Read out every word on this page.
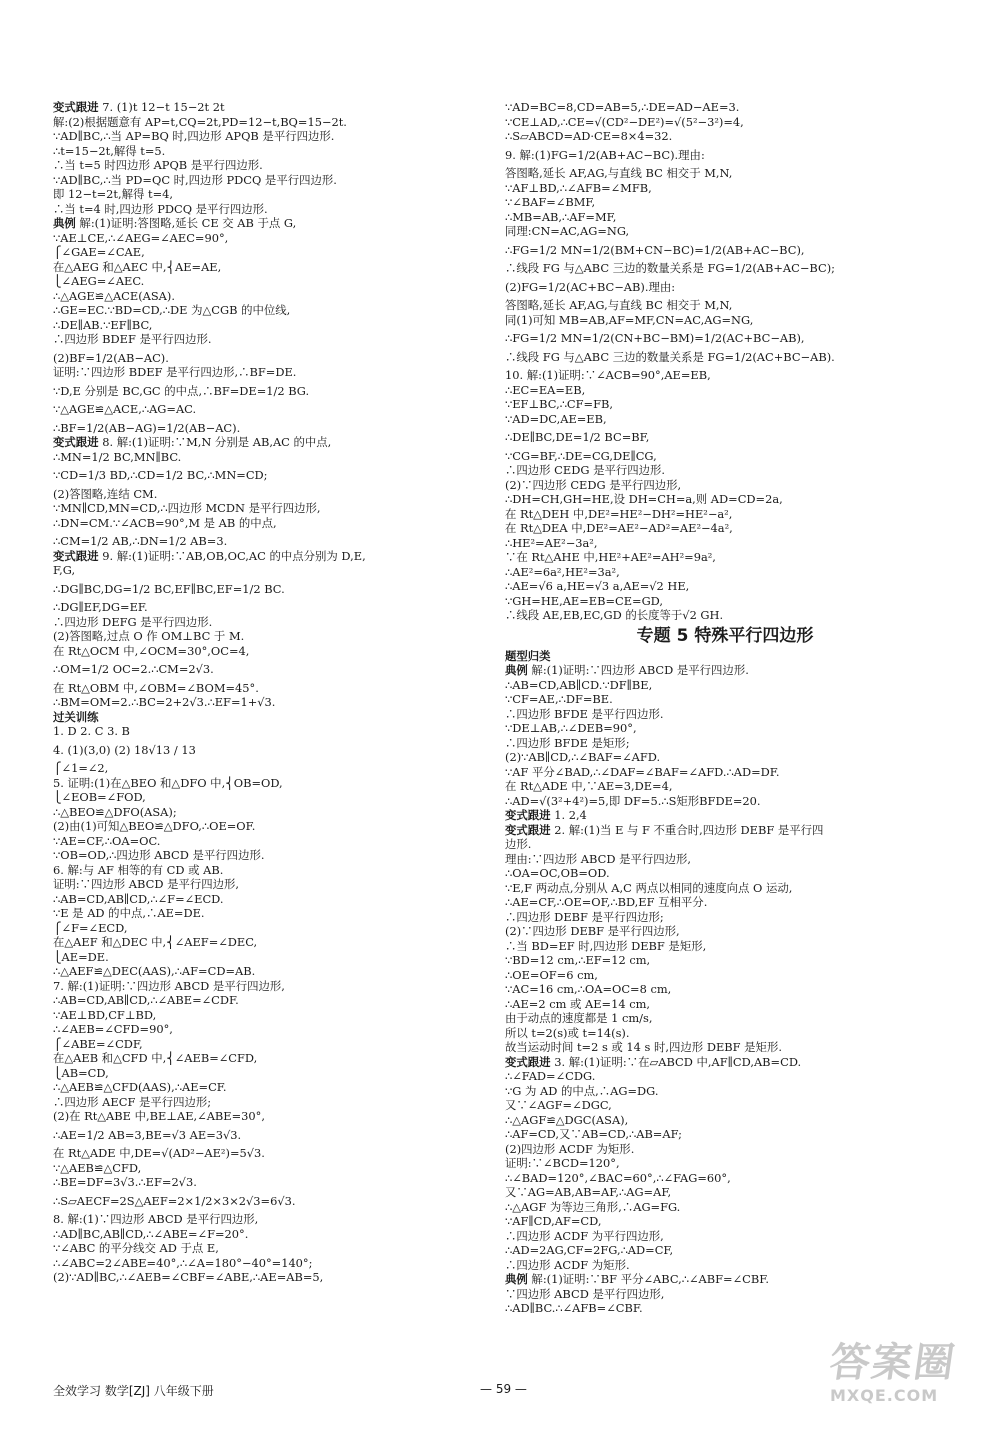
变式跟进 7. (1)t 12−t 15−2t 2t
解:(2)根据题意有 AP=t,CQ=2t,PD=12−t,BQ=15−2t.
∵AD∥BC,∴当 AP=BQ 时,四边形 APQB 是平行四边形.
∴t=15−2t,解得 t=5.
∴当 t=5 时四边形 APQB 是平行四边形.
∵AD∥BC,∴当 PD=QC 时,四边形 PDCQ 是平行四边形.
即 12−t=2t,解得 t=4,
∴当 t=4 时,四边形 PDCQ 是平行四边形.
典例 解:(1)证明:答图略,延长 CE 交 AB 于点 G,
∵AE⊥CE,∴∠AEG=∠AEC=90°,
⎧∠GAE=∠CAE,
在△AEG 和△AEC 中,⎨AE=AE,
⎩∠AEG=∠AEC.
∴△AGE≌△ACE(ASA).
∴GE=EC.∵BD=CD,∴DE 为△CGB 的中位线,
∴DE∥AB.∵EF∥BC,
∴四边形 BDEF 是平行四边形.
(2)BF=1/2(AB−AC).
证明:∵四边形 BDEF 是平行四边形,∴BF=DE.
∵D,E 分别是 BC,GC 的中点,∴BF=DE=1/2 BG.
∵△AGE≌△ACE,∴AG=AC.
∴BF=1/2(AB−AG)=1/2(AB−AC).
变式跟进 8. 解:(1)证明:∵M,N 分别是 AB,AC 的中点,
∴MN=1/2 BC,MN∥BC.
∵CD=1/3 BD,∴CD=1/2 BC,∴MN=CD;
(2)答图略,连结 CM.
∵MN∥CD,MN=CD,∴四边形 MCDN 是平行四边形,
∴DN=CM.∵∠ACB=90°,M 是 AB 的中点,
∴CM=1/2 AB,∴DN=1/2 AB=3.
变式跟进 9. 解:(1)证明:∵AB,OB,OC,AC 的中点分别为 D,E,
F,G,
∴DG∥BC,DG=1/2 BC,EF∥BC,EF=1/2 BC.
∴DG∥EF,DG=EF.
∴四边形 DEFG 是平行四边形.
(2)答图略,过点 O 作 OM⊥BC 于 M.
在 Rt△OCM 中,∠OCM=30°,OC=4,
∴OM=1/2 OC=2.∴CM=2√3.
在 Rt△OBM 中,∠OBM=∠BOM=45°.
∴BM=OM=2.∴BC=2+2√3.∴EF=1+√3.
过关训练
1. D 2. C 3. B
4. (1)(3,0) (2) 18√13 / 13
⎧∠1=∠2,
5. 证明:(1)在△BEO 和△DFO 中,⎨OB=OD,
⎩∠EOB=∠FOD,
∴△BEO≌△DFO(ASA);
(2)由(1)可知△BEO≌△DFO,∴OE=OF.
∵AE=CF,∴OA=OC.
∵OB=OD,∴四边形 ABCD 是平行四边形.
6. 解:与 AF 相等的有 CD 或 AB.
证明:∵四边形 ABCD 是平行四边形,
∴AB=CD,AB∥CD,∴∠F=∠ECD.
∵E 是 AD 的中点,∴AE=DE.
⎧∠F=∠ECD,
在△AEF 和△DEC 中,⎨∠AEF=∠DEC,
⎩AE=DE.
∴△AEF≌△DEC(AAS),∴AF=CD=AB.
7. 解:(1)证明:∵四边形 ABCD 是平行四边形,
∴AB=CD,AB∥CD,∴∠ABE=∠CDF.
∵AE⊥BD,CF⊥BD,
∴∠AEB=∠CFD=90°,
⎧∠ABE=∠CDF,
在△AEB 和△CFD 中,⎨∠AEB=∠CFD,
⎩AB=CD,
∴△AEB≌△CFD(AAS),∴AE=CF.
∴四边形 AECF 是平行四边形;
(2)在 Rt△ABE 中,BE⊥AE,∠ABE=30°,
∴AE=1/2 AB=3,BE=√3 AE=3√3.
在 Rt△ADE 中,DE=√(AD²−AE²)=5√3.
∵△AEB≌△CFD,
∴BE=DF=3√3.∴EF=2√3.
∴S▱AECF=2S△AEF=2×1/2×3×2√3=6√3.
8. 解:(1)∵四边形 ABCD 是平行四边形,
∴AD∥BC,AB∥CD,∴∠ABE=∠F=20°.
∵∠ABC 的平分线交 AD 于点 E,
∴∠ABC=2∠ABE=40°,∴∠A=180°−40°=140°;
(2)∵AD∥BC,∴∠AEB=∠CBF=∠ABE,∴AE=AB=5,
∵AD=BC=8,CD=AB=5,∴DE=AD−AE=3.
∵CE⊥AD,∴CE=√(CD²−DE²)=√(5²−3²)=4,
∴S▱ABCD=AD·CE=8×4=32.
9. 解:(1)FG=1/2(AB+AC−BC).理由:
答图略,延长 AF,AG,与直线 BC 相交于 M,N,
∵AF⊥BD,∴∠AFB=∠MFB,
∵∠BAF=∠BMF,
∴MB=AB,∴AF=MF,
同理:CN=AC,AG=NG,
∴FG=1/2 MN=1/2(BM+CN−BC)=1/2(AB+AC−BC),
∴线段 FG 与△ABC 三边的数量关系是 FG=1/2(AB+AC−BC);
(2)FG=1/2(AC+BC−AB).理由:
答图略,延长 AF,AG,与直线 BC 相交于 M,N,
同(1)可知 MB=AB,AF=MF,CN=AC,AG=NG,
∴FG=1/2 MN=1/2(CN+BC−BM)=1/2(AC+BC−AB),
∴线段 FG 与△ABC 三边的数量关系是 FG=1/2(AC+BC−AB).
10. 解:(1)证明:∵∠ACB=90°,AE=EB,
∴EC=EA=EB,
∵EF⊥BC,∴CF=FB,
∵AD=DC,AE=EB,
∴DE∥BC,DE=1/2 BC=BF,
∵CG=BF,∴DE=CG,DE∥CG,
∴四边形 CEDG 是平行四边形.
(2)∵四边形 CEDG 是平行四边形,
∴DH=CH,GH=HE,设 DH=CH=a,则 AD=CD=2a,
在 Rt△DEH 中,DE²=HE²−DH²=HE²−a²,
在 Rt△DEA 中,DE²=AE²−AD²=AE²−4a²,
∴HE²=AE²−3a²,
∵在 Rt△AHE 中,HE²+AE²=AH²=9a²,
∴AE²=6a²,HE²=3a²,
∴AE=√6 a,HE=√3 a,AE=√2 HE,
∵GH=HE,AE=EB=CE=GD,
∴线段 AE,EB,EC,GD 的长度等于√2 GH.
专题 5 特殊平行四边形
题型归类
典例 解:(1)证明:∵四边形 ABCD 是平行四边形.
∴AB=CD,AB∥CD.∵DF∥BE,
∵CF=AE,∴DF=BE.
∴四边形 BFDE 是平行四边形.
∵DE⊥AB,∴∠DEB=90°,
∴四边形 BFDE 是矩形;
(2)∵AB∥CD,∴∠BAF=∠AFD.
∵AF 平分∠BAD,∴∠DAF=∠BAF=∠AFD.∴AD=DF.
在 Rt△ADE 中,∵AE=3,DE=4,
∴AD=√(3²+4²)=5,即 DF=5.∴S矩形BFDE=20.
变式跟进 1. 2,4
变式跟进 2. 解:(1)当 E 与 F 不重合时,四边形 DEBF 是平行四
边形.
理由:∵四边形 ABCD 是平行四边形,
∴OA=OC,OB=OD.
∵E,F 两动点,分别从 A,C 两点以相同的速度向点 O 运动,
∴AE=CF,∴OE=OF,∴BD,EF 互相平分.
∴四边形 DEBF 是平行四边形;
(2)∵四边形 DEBF 是平行四边形,
∴当 BD=EF 时,四边形 DEBF 是矩形,
∵BD=12 cm,∴EF=12 cm,
∴OE=OF=6 cm,
∵AC=16 cm,∴OA=OC=8 cm,
∴AE=2 cm 或 AE=14 cm,
由于动点的速度都是 1 cm/s,
所以 t=2(s)或 t=14(s).
故当运动时间 t=2 s 或 14 s 时,四边形 DEBF 是矩形.
变式跟进 3. 解:(1)证明:∵在▱ABCD 中,AF∥CD,AB=CD.
∴∠FAD=∠CDG.
∵G 为 AD 的中点,∴AG=DG.
又∵∠AGF=∠DGC,
∴△AGF≌△DGC(ASA),
∴AF=CD,又∵AB=CD,∴AB=AF;
(2)四边形 ACDF 为矩形.
证明:∵∠BCD=120°,
∴∠BAD=120°,∠BAC=60°,∴∠FAG=60°,
又∵AG=AB,AB=AF,∴AG=AF,
∴△AGF 为等边三角形,∴AG=FG.
∵AF∥CD,AF=CD,
∴四边形 ACDF 为平行四边形,
∴AD=2AG,CF=2FG,∴AD=CF,
∴四边形 ACDF 为矩形.
典例 解:(1)证明:∵BF 平分∠ABC,∴∠ABF=∠CBF.
∵四边形 ABCD 是平行四边形,
∴AD∥BC.∴∠AFB=∠CBF.
全效学习 数学[ZJ] 八年级下册	— 59 —
答案圈
MXQE.COM
